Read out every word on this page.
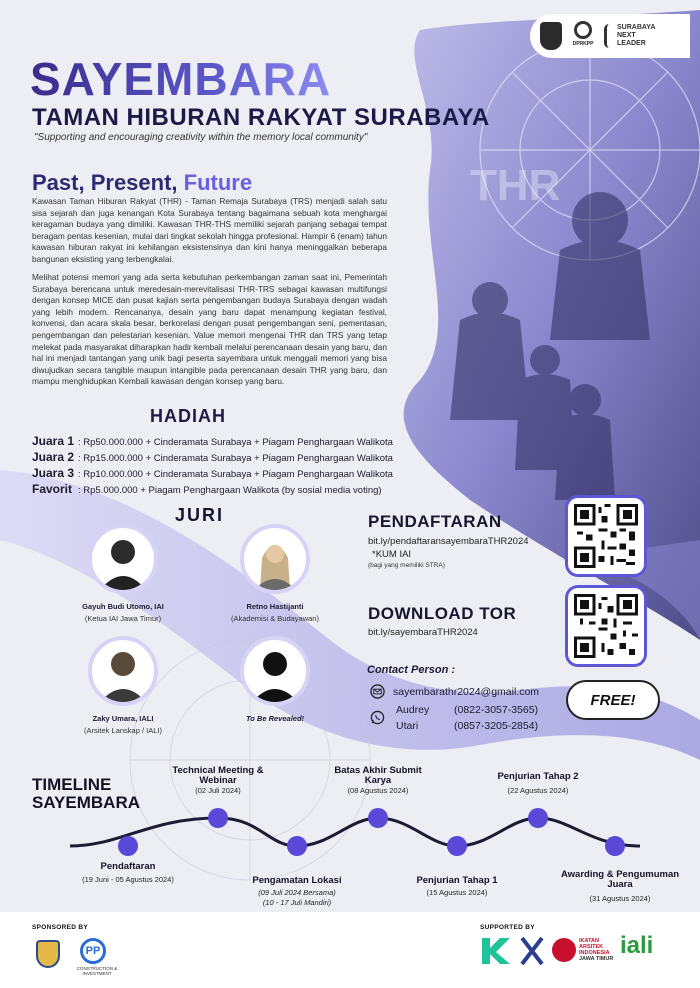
THR
DPRKPP
SURABAYA
NEXT
LEADER
SAYEMBARA
TAMAN HIBURAN RAKYAT SURABAYA
"Supporting and encouraging creativity within the memory local community"
Past, Present, Future
Kawasan Taman Hiburan Rakyat (THR) - Taman Remaja Surabaya (TRS) menjadi salah satu sisa sejarah dan juga kenangan Kota Surabaya tentang bagaimana sebuah kota menghargai keragaman budaya yang dimiliki. Kawasan THR-THS memiliki sejarah panjang sebagai tempat beragam pentas kesenian, mulai dari tingkat sekolah hingga profesional. Hampir 6 (enam) tahun kawasan hiburan rakyat ini kehilangan eksistensinya dan kini hanya meninggalkan beberapa bangunan eksisting yang terbengkalai.
Melihat potensi memori yang ada serta kebutuhan perkembangan zaman saat ini, Pemerintah Surabaya berencana untuk meredesain-merevitalisasi THR-TRS sebagai kawasan multifungsi dengan konsep MICE dan pusat kajian serta pengembangan budaya Surabaya dengan wadah yang lebih modern. Rencananya, desain yang baru dapat menampung kegiatan festival, konvensi, dan acara skala besar, berkorelasi dengan pusat pengembangan seni, pementasan, pengembangan dan pelestarian kesenian. Value memori mengenai THR dan TRS yang tetap melekat pada masyarakat diharapkan hadir kembali melalui perencanaan desain yang baru, dan hal ini menjadi tantangan yang unik bagi peserta sayembara untuk menggali memori yang bisa diwujudkan secara tangible maupun intangible pada perencanaan desain THR yang baru, dan mampu menghidupkan Kembali kawasan dengan konsep yang baru.
HADIAH
Juara 1 : Rp50.000.000 + Cinderamata Surabaya + Piagam Penghargaan Walikota
Juara 2 : Rp15.000.000 + Cinderamata Surabaya + Piagam Penghargaan Walikota
Juara 3 : Rp10.000.000 + Cinderamata Surabaya + Piagam Penghargaan Walikota
Favorit : Rp5.000.000 + Piagam Penghargaan Walikota (by sosial media voting)
JURI
Gayuh Budi Utomo, IAI
(Ketua IAI Jawa Timur)
Retno Hastijanti
(Akademisi & Budayawan)
Zaky Umara, IALI
(Arsitek Lanskap / IALI)
To Be Revealed!
PENDAFTARAN
bit.ly/pendaftaransayembaraTHR2024
*KUM IAI
(bagi yang memiliki STRA)
DOWNLOAD TOR
bit.ly/sayembaraTHR2024
Contact Person :
sayembarathr2024@gmail.com
Audrey	(0822-3057-3565)
Utari	(0857-3205-2854)
FREE!
TIMELINE
SAYEMBARA
Pendaftaran
(19 Juni - 05 Agustus 2024)
Technical Meeting & Webinar
(02 Juli 2024)
Pengamatan Lokasi
(09 Juli 2024 Bersama)
(10 - 17 Juli Mandiri)
Batas Akhir Submit Karya
(08 Agustus 2024)
Penjurian Tahap 1
(15 Agustus 2024)
Penjurian Tahap 2
(22 Agustus 2024)
Awarding & Pengumuman Juara
(31 Agustus 2024)
SPONSORED BY
PP
CONSTRUCTION & INVESTMENT
SUPPORTED BY
IKATAN
ARSITEK
INDONESIA
JAWA TIMUR iali
